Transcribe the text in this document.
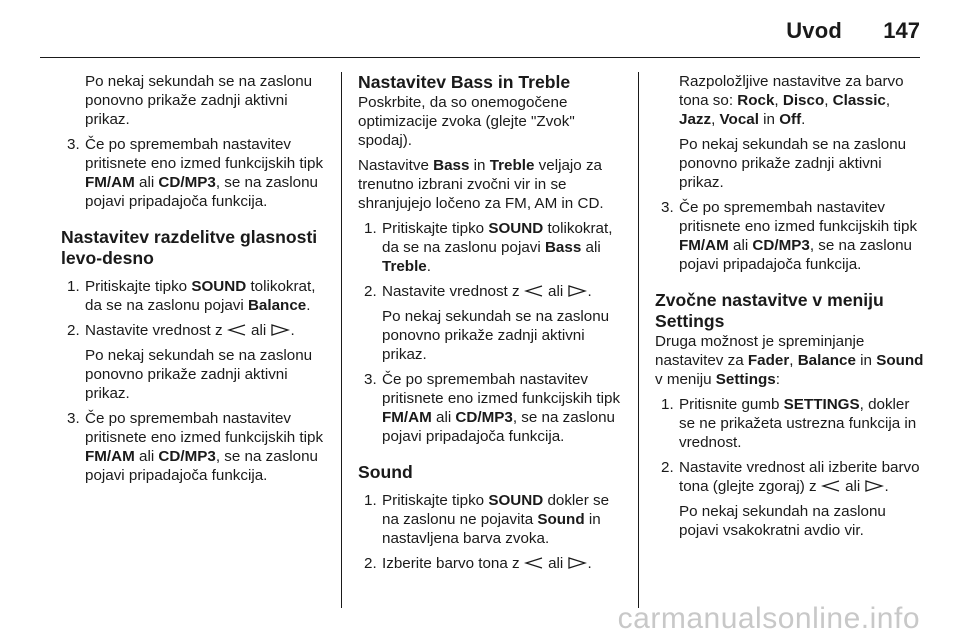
Uvod 147

Po nekaj sekundah se na zaslonu ponovno prikaže zadnji aktivni prikaz.

3. Če po spremembah nastavitev pritisnete eno izmed funkcijskih tipk FM/AM ali CD/MP3, se na zaslonu pojavi pripadajoča funkcija.
Nastavitev razdelitve glasnosti levo-desno
1. Pritiskajte tipko SOUND tolikokrat, da se na zaslonu pojavi Balance.
2. Nastavite vrednost z  ali .

Po nekaj sekundah se na zaslonu ponovno prikaže zadnji aktivni prikaz.

3. Če po spremembah nastavitev pritisnete eno izmed funkcijskih tipk FM/AM ali CD/MP3, se na zaslonu pojavi pripadajoča funkcija.
Nastavitev Bass in Treble

Poskrbite, da so onemogočene optimizacije zvoka (glejte "Zvok" spodaj).

Nastavitve Bass in Treble veljajo za trenutno izbrani zvočni vir in se shranjujejo ločeno za FM, AM in CD.

1. Pritiskajte tipko SOUND tolikokrat, da se na zaslonu pojavi Bass ali Treble.
2. Nastavite vrednost z  ali .

Po nekaj sekundah se na zaslonu ponovno prikaže zadnji aktivni prikaz.

3. Če po spremembah nastavitev pritisnete eno izmed funkcijskih tipk FM/AM ali CD/MP3, se na zaslonu pojavi pripadajoča funkcija.
Sound
1. Pritiskajte tipko SOUND dokler se na zaslonu ne pojavita Sound in nastavljena barva zvoka.
2. Izberite barvo tona z  ali .

Razpoložljive nastavitve za barvo tona so: Rock, Disco, Classic, Jazz, Vocal in Off.

Po nekaj sekundah se na zaslonu ponovno prikaže zadnji aktivni prikaz.

3. Če po spremembah nastavitev pritisnete eno izmed funkcijskih tipk FM/AM ali CD/MP3, se na zaslonu pojavi pripadajoča funkcija.
Zvočne nastavitve v meniju Settings

Druga možnost je spreminjanje nastavitev za Fader, Balance in Sound v meniju Settings:

1. Pritisnite gumb SETTINGS, dokler se ne prikažeta ustrezna funkcija in vrednost.
2. Nastavite vrednost ali izberite barvo tona (glejte zgoraj) z  ali .

Po nekaj sekundah na zaslonu pojavi vsakokratni avdio vir.

carmanualsonline.info
